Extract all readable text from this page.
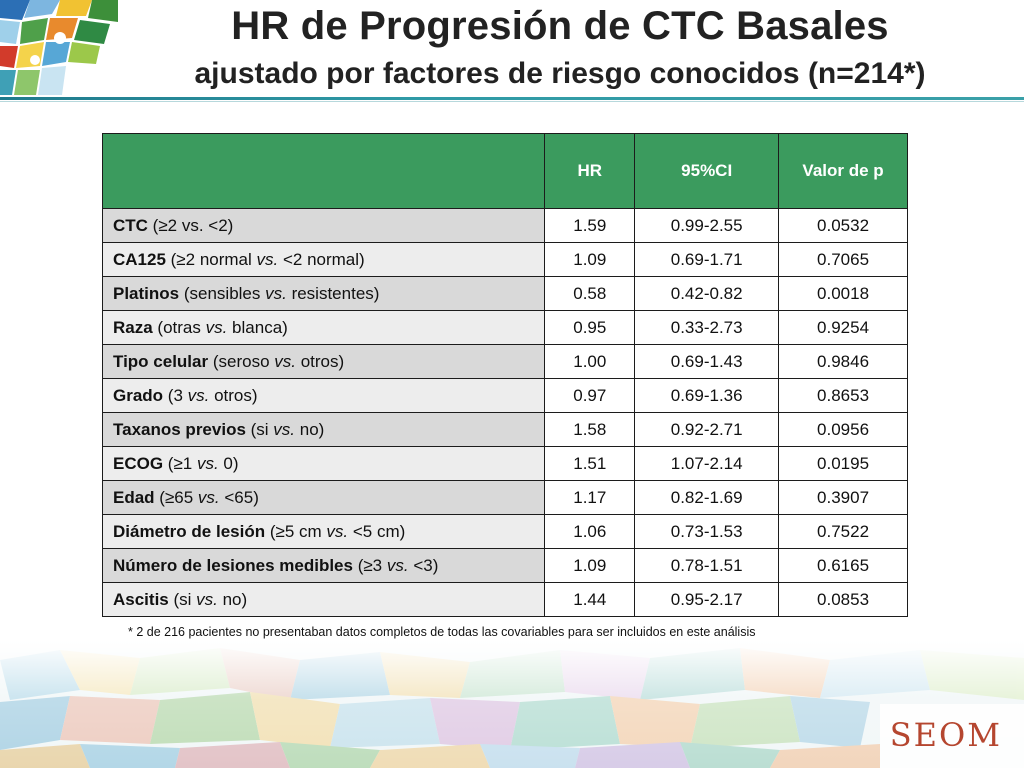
HR de Progresión de CTC Basales
ajustado por factores de riesgo conocidos (n=214*)
	HR	95%CI	Valor de p
CTC (≥2 vs. <2)	1.59	0.99-2.55	0.0532
CA125 (≥2 normal vs. <2 normal)	1.09	0.69-1.71	0.7065
Platinos (sensibles vs. resistentes)	0.58	0.42-0.82	0.0018
Raza (otras vs. blanca)	0.95	0.33-2.73	0.9254
Tipo celular (seroso vs. otros)	1.00	0.69-1.43	0.9846
Grado (3 vs. otros)	0.97	0.69-1.36	0.8653
Taxanos previos (si vs. no)	1.58	0.92-2.71	0.0956
ECOG (≥1 vs. 0)	1.51	1.07-2.14	0.0195
Edad (≥65 vs. <65)	1.17	0.82-1.69	0.3907
Diámetro de lesión (≥5 cm vs. <5 cm)	1.06	0.73-1.53	0.7522
Número de lesiones medibles (≥3 vs. <3)	1.09	0.78-1.51	0.6165
Ascitis (si vs. no)	1.44	0.95-2.17	0.0853
* 2 de 216 pacientes no presentaban datos completos de todas las covariables para ser incluidos en este análisis
SEOM
